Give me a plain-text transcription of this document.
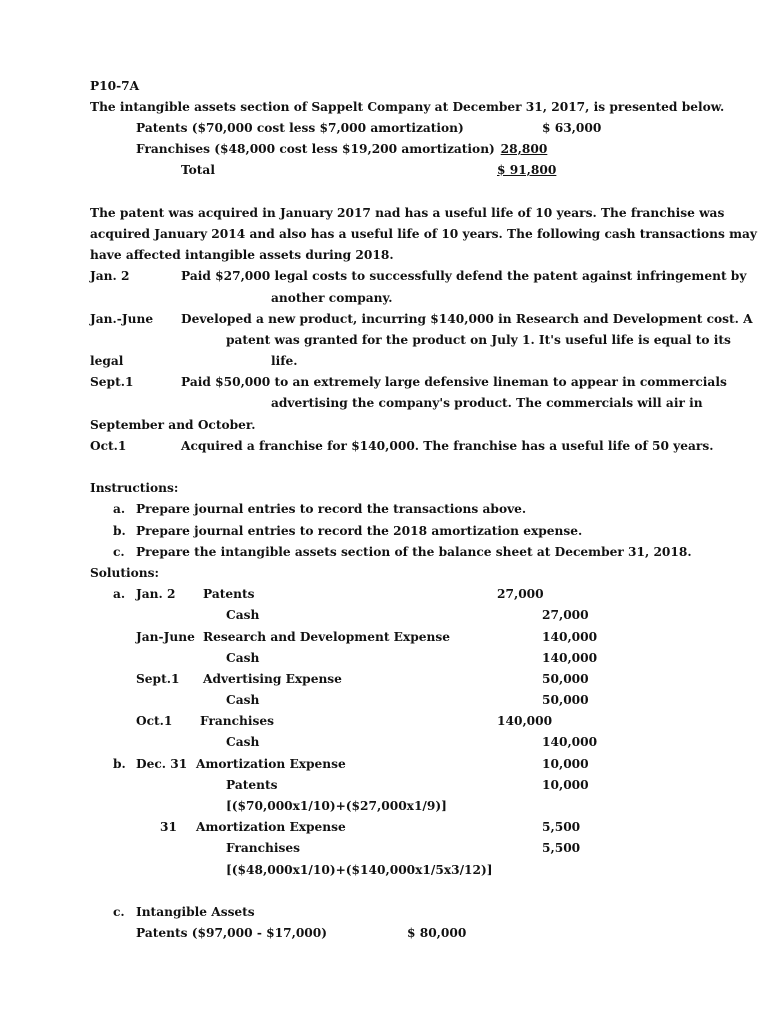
P10-7A
The intangible assets section of Sappelt Company at December 31, 2017, is presented below.
Patents ($70,000 cost less $7,000 amortization)	$ 63,000
Franchises ($48,000 cost less $19,200 amortization) 28,800
Total	$ 91,800
The patent was acquired in January 2017 nad has a useful life of 10 years. The franchise was
acquired January 2014 and also has a useful life of 10 years. The following cash transactions may
have affected intangible assets during 2018.
Jan. 2	Paid $27,000 legal costs to successfully defend the patent against infringement by
another company.
Jan.-June Developed a new product, incurring $140,000 in Research and Development cost. A
patent was granted for the product on July 1. It's useful life is equal to its
legal	life.
Sept.1	Paid $50,000 to an extremely large defensive lineman to appear in commercials
advertising the company's product. The commercials will air in
September and October.
Oct.1	Acquired a franchise for $140,000. The franchise has a useful life of 50 years.
Instructions:
a. Prepare journal entries to record the transactions above.
b. Prepare journal entries to record the 2018 amortization expense.
c. Prepare the intangible assets section of the balance sheet at December 31, 2018.
Solutions:
a. Jan. 2 Patents	27,000
Cash	27,000
Jan-June Research and Development Expense	140,000
Cash	140,000
Sept.1 Advertising Expense	50,000
Cash	50,000
Oct.1 Franchises	140,000
Cash	140,000
b. Dec. 31 Amortization Expense	10,000
Patents	10,000
[($70,000x1/10)+($27,000x1/9)]
31 Amortization Expense	5,500
Franchises	5,500
[($48,000x1/10)+($140,000x1/5x3/12)]
c. Intangible Assets
Patents ($97,000 - $17,000)	$ 80,000
